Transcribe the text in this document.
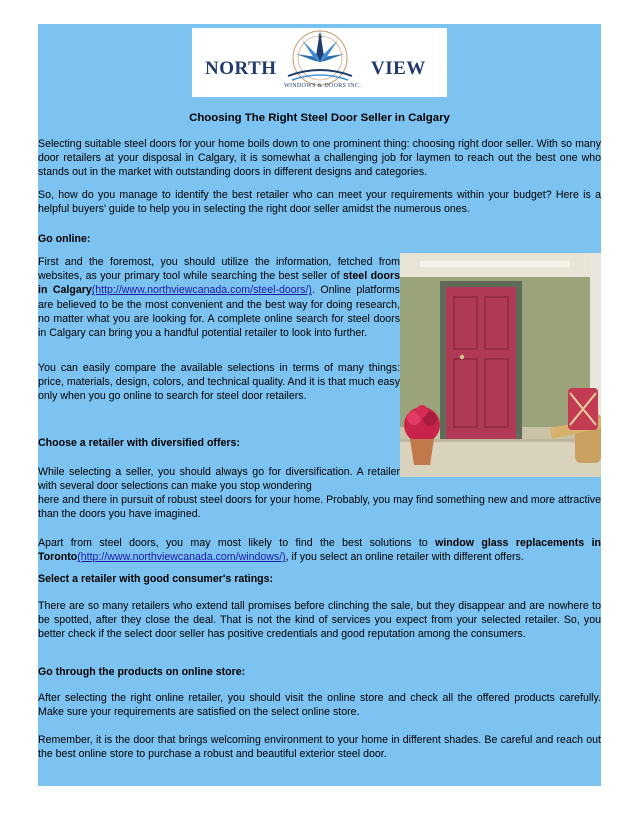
N
NORTH	VIEW
WINDOWS & DOORS INC.
Choosing The Right Steel Door Seller in Calgary

Selecting suitable steel doors for your home boils down to one prominent thing: choosing right door seller. With so many door retailers at your disposal in Calgary, it is somewhat a challenging job for laymen to reach out the best one who stands out in the market with outstanding doors in different designs and categories.

So, how do you manage to identify the best retailer who can meet your requirements within your budget? Here is a helpful buyers' guide to help you in selecting the right door seller amidst the numerous ones.

Go online:

First and the foremost, you should utilize the information, fetched from websites, as your primary tool while searching the best seller of steel doors in Calgary(http://www.northviewcanada.com/steel-doors/). Online platforms are believed to be the most convenient and the best way for doing research, no matter what you are looking for. A complete online search for steel doors in Calgary can bring you a handful potential retailer to look into further.

You can easily compare the available selections in terms of many things: price, materials, design, colors, and technical quality. And it is that much easy only when you go online to search for steel door retailers.

Choose a retailer with diversified offers:

While selecting a seller, you should always go for diversification. A retailer with several door selections can make you stop wondering

here and there in pursuit of robust steel doors for your home. Probably, you may find something new and more attractive than the doors you have imagined.

Apart from steel doors, you may most likely to find the best solutions to window glass replacements in Toronto(http://www.northviewcanada.com/windows/), if you select an online retailer with different offers.

Select a retailer with good consumer's ratings:

There are so many retailers who extend tall promises before clinching the sale, but they disappear and are nowhere to be spotted, after they close the deal. That is not the kind of services you expect from your selected retailer. So, you better check if the select door seller has positive credentials and good reputation among the consumers.

Go through the products on online store:

After selecting the right online retailer, you should visit the online store and check all the offered products carefully. Make sure your requirements are satisfied on the select online store.

Remember, it is the door that brings welcoming environment to your home in different shades. Be careful and reach out the best online store to purchase a robust and beautiful exterior steel door.
